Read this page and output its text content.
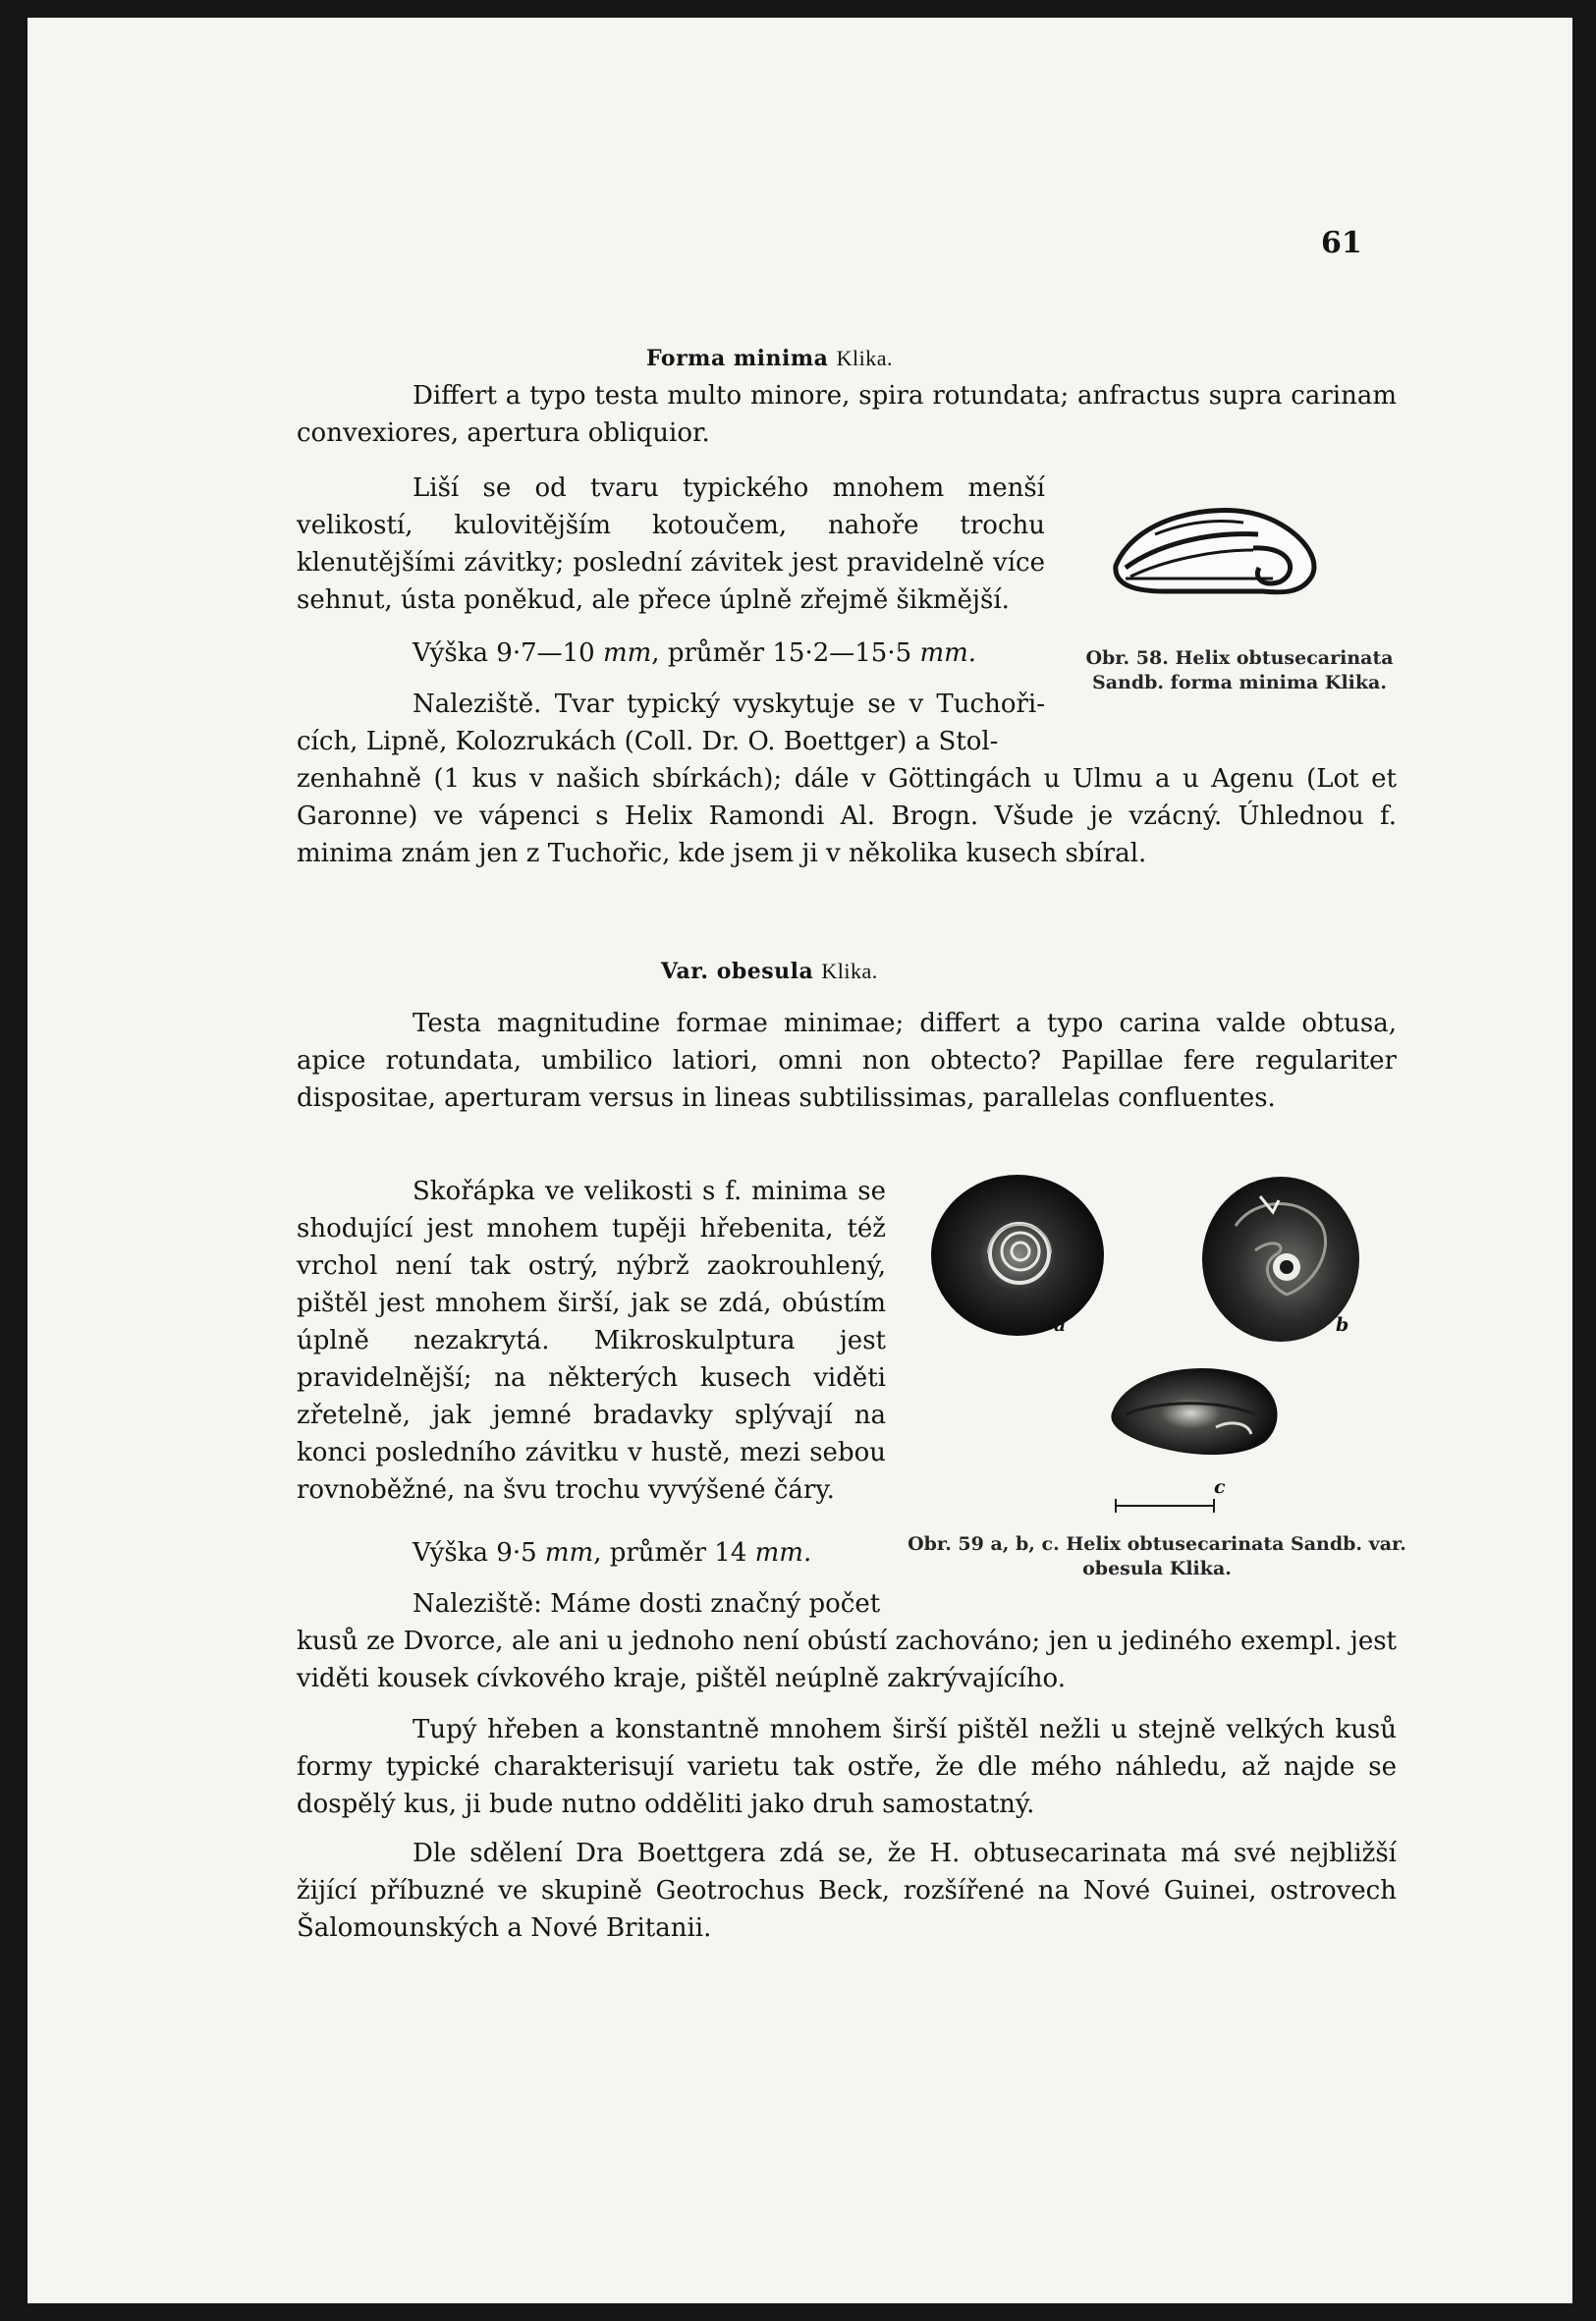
61
Forma minima Klika.
Differt a typo testa multo minore, spira rotundata; anfractus supra carinam convexiores, apertura obliquior.
Liší se od tvaru typického mnohem menší velikostí, kulovitějším kotoučem, nahoře trochu klenutějšími závitky; poslední závitek jest pravidelně více sehnut, ústa poněkud, ale přece úplně zřejmě šikmější.
Výška 9·7—10 mm, průměr 15·2—15·5 mm.
Naleziště. Tvar typický vyskytuje se v Tuchoři-cích, Lipně, Kolozrukách (Coll. Dr. O. Boettger) a Stol-
zenhahně (1 kus v našich sbírkách); dále v Göttingách u Ulmu a u Agenu (Lot et Garonne) ve vápenci s Helix Ramondi Al. Brogn. Všude je vzácný. Úhlednou f. minima znám jen z Tuchořic, kde jsem ji v několika kusech sbíral.
Obr. 58. Helix obtusecarinata Sandb. forma minima Klika.
Var. obesula Klika.
Testa magnitudine formae minimae; differt a typo carina valde obtusa, apice rotundata, umbilico latiori, omni non obtecto? Papillae fere regulariter dispositae, aperturam versus in lineas subtilissimas, parallelas confluentes.
Skořápka ve velikosti s f. minima se shodující jest mnohem tupěji hřebenita, též vrchol není tak ostrý, nýbrž zaokrouhlený, pištěl jest mnohem širší, jak se zdá, obústím úplně nezakrytá. Mikroskulptura jest pravidelnější; na některých kusech viděti zřetelně, jak jemné bradavky splývají na konci posledního závitku v hustě, mezi sebou rovnoběžné, na švu trochu vyvýšené čáry.
Výška 9·5 mm, průměr 14 mm.
Naleziště: Máme dosti značný počet
kusů ze Dvorce, ale ani u jednoho není obústí zachováno; jen u jediného exempl. jest viděti kousek cívkového kraje, pištěl neúplně zakrývajícího.
Tupý hřeben a konstantně mnohem širší pištěl nežli u stejně velkých kusů formy typické charakterisují varietu tak ostře, že dle mého náhledu, až najde se dospělý kus, ji bude nutno odděliti jako druh samostatný.
Dle sdělení Dra Boettgera zdá se, že H. obtusecarinata má své nejbližší žijící příbuzné ve skupině Geotrochus Beck, rozšířené na Nové Guinei, ostrovech Šalomounských a Nové Britanii.
a	b
c
Obr. 59 a, b, c. Helix obtusecarinata Sandb. var. obesula Klika.
